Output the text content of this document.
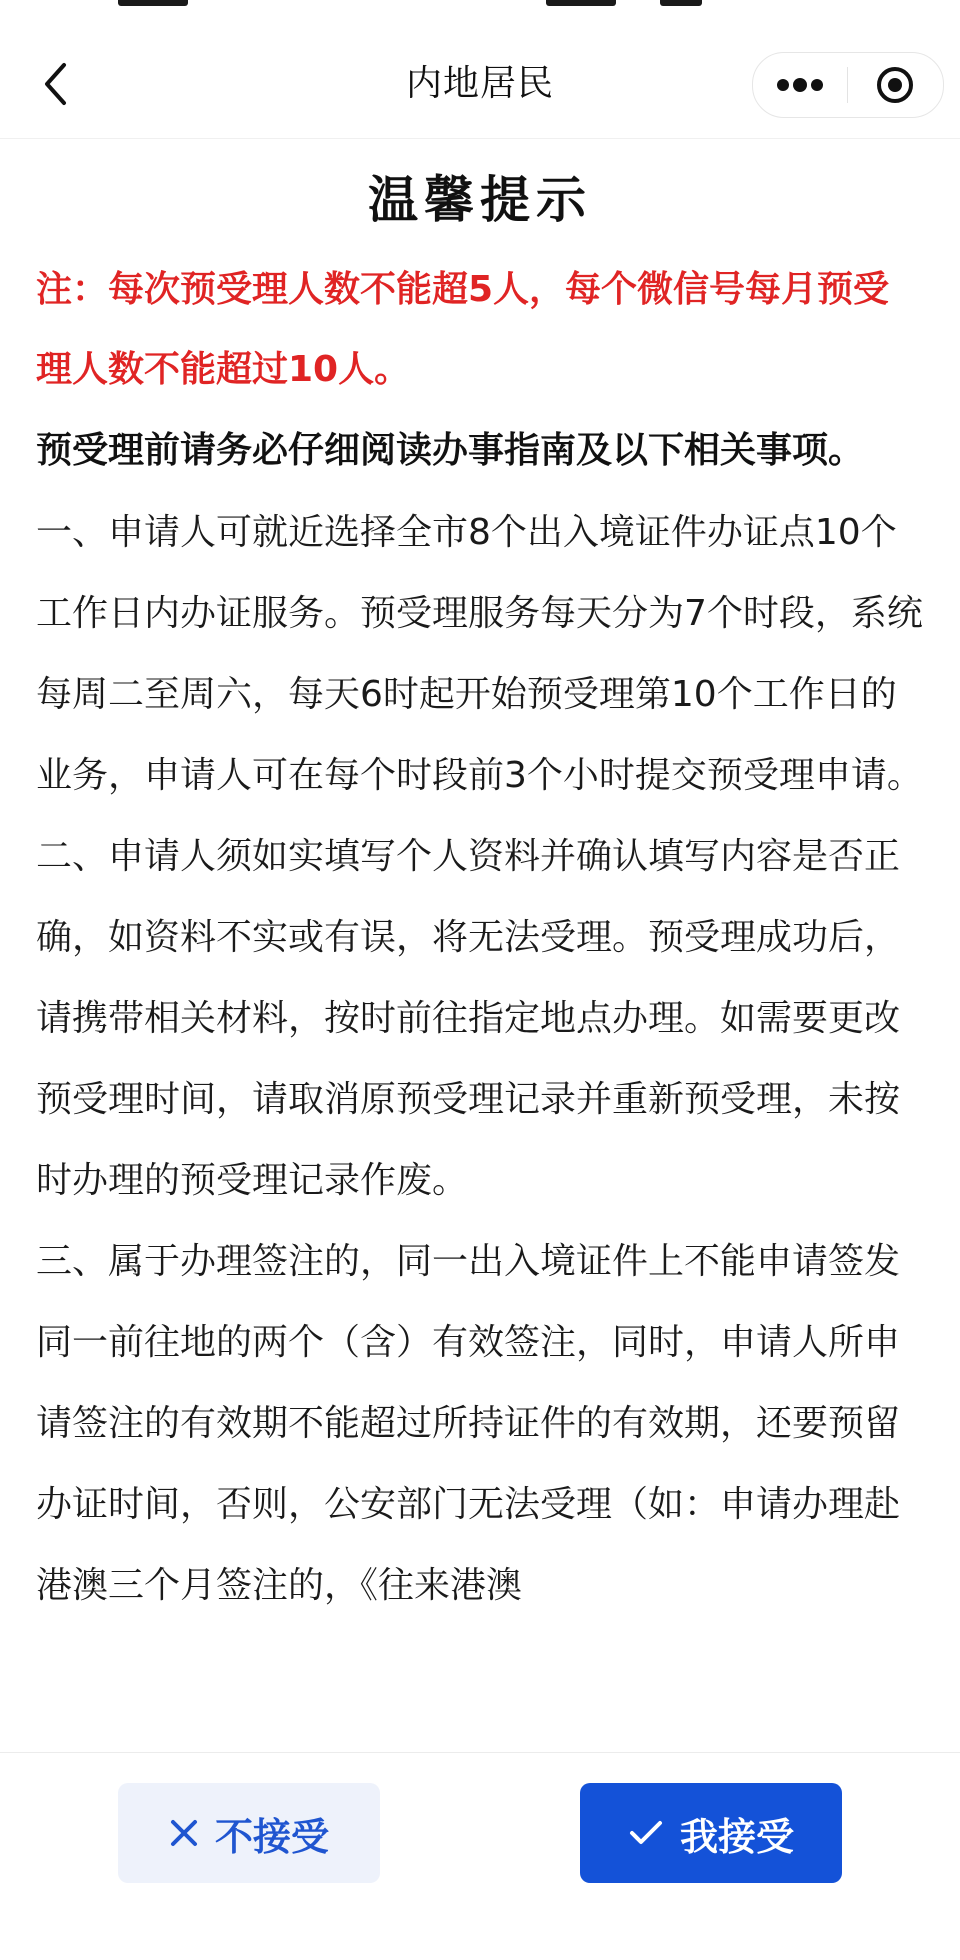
内地居民
温馨提示
注：每次预受理人数不能超5人，每个微信号每月预受理人数不能超过10人。
预受理前请务必仔细阅读办事指南及以下相关事项。
一、申请人可就近选择全市8个出入境证件办证点10个工作日内办证服务。预受理服务每天分为7个时段，系统每周二至周六，每天6时起开始预受理第10个工作日的业务，申请人可在每个时段前3个小时提交预受理申请。
二、申请人须如实填写个人资料并确认填写内容是否正确，如资料不实或有误，将无法受理。预受理成功后，请携带相关材料，按时前往指定地点办理。如需要更改预受理时间，请取消原预受理记录并重新预受理，未按时办理的预受理记录作废。
三、属于办理签注的，同一出入境证件上不能申请签发同一前往地的两个（含）有效签注，同时，申请人所申请签注的有效期不能超过所持证件的有效期，还要预留办证时间，否则，公安部门无法受理（如：申请办理赴港澳三个月签注的，《往来港澳
不接受	我接受
